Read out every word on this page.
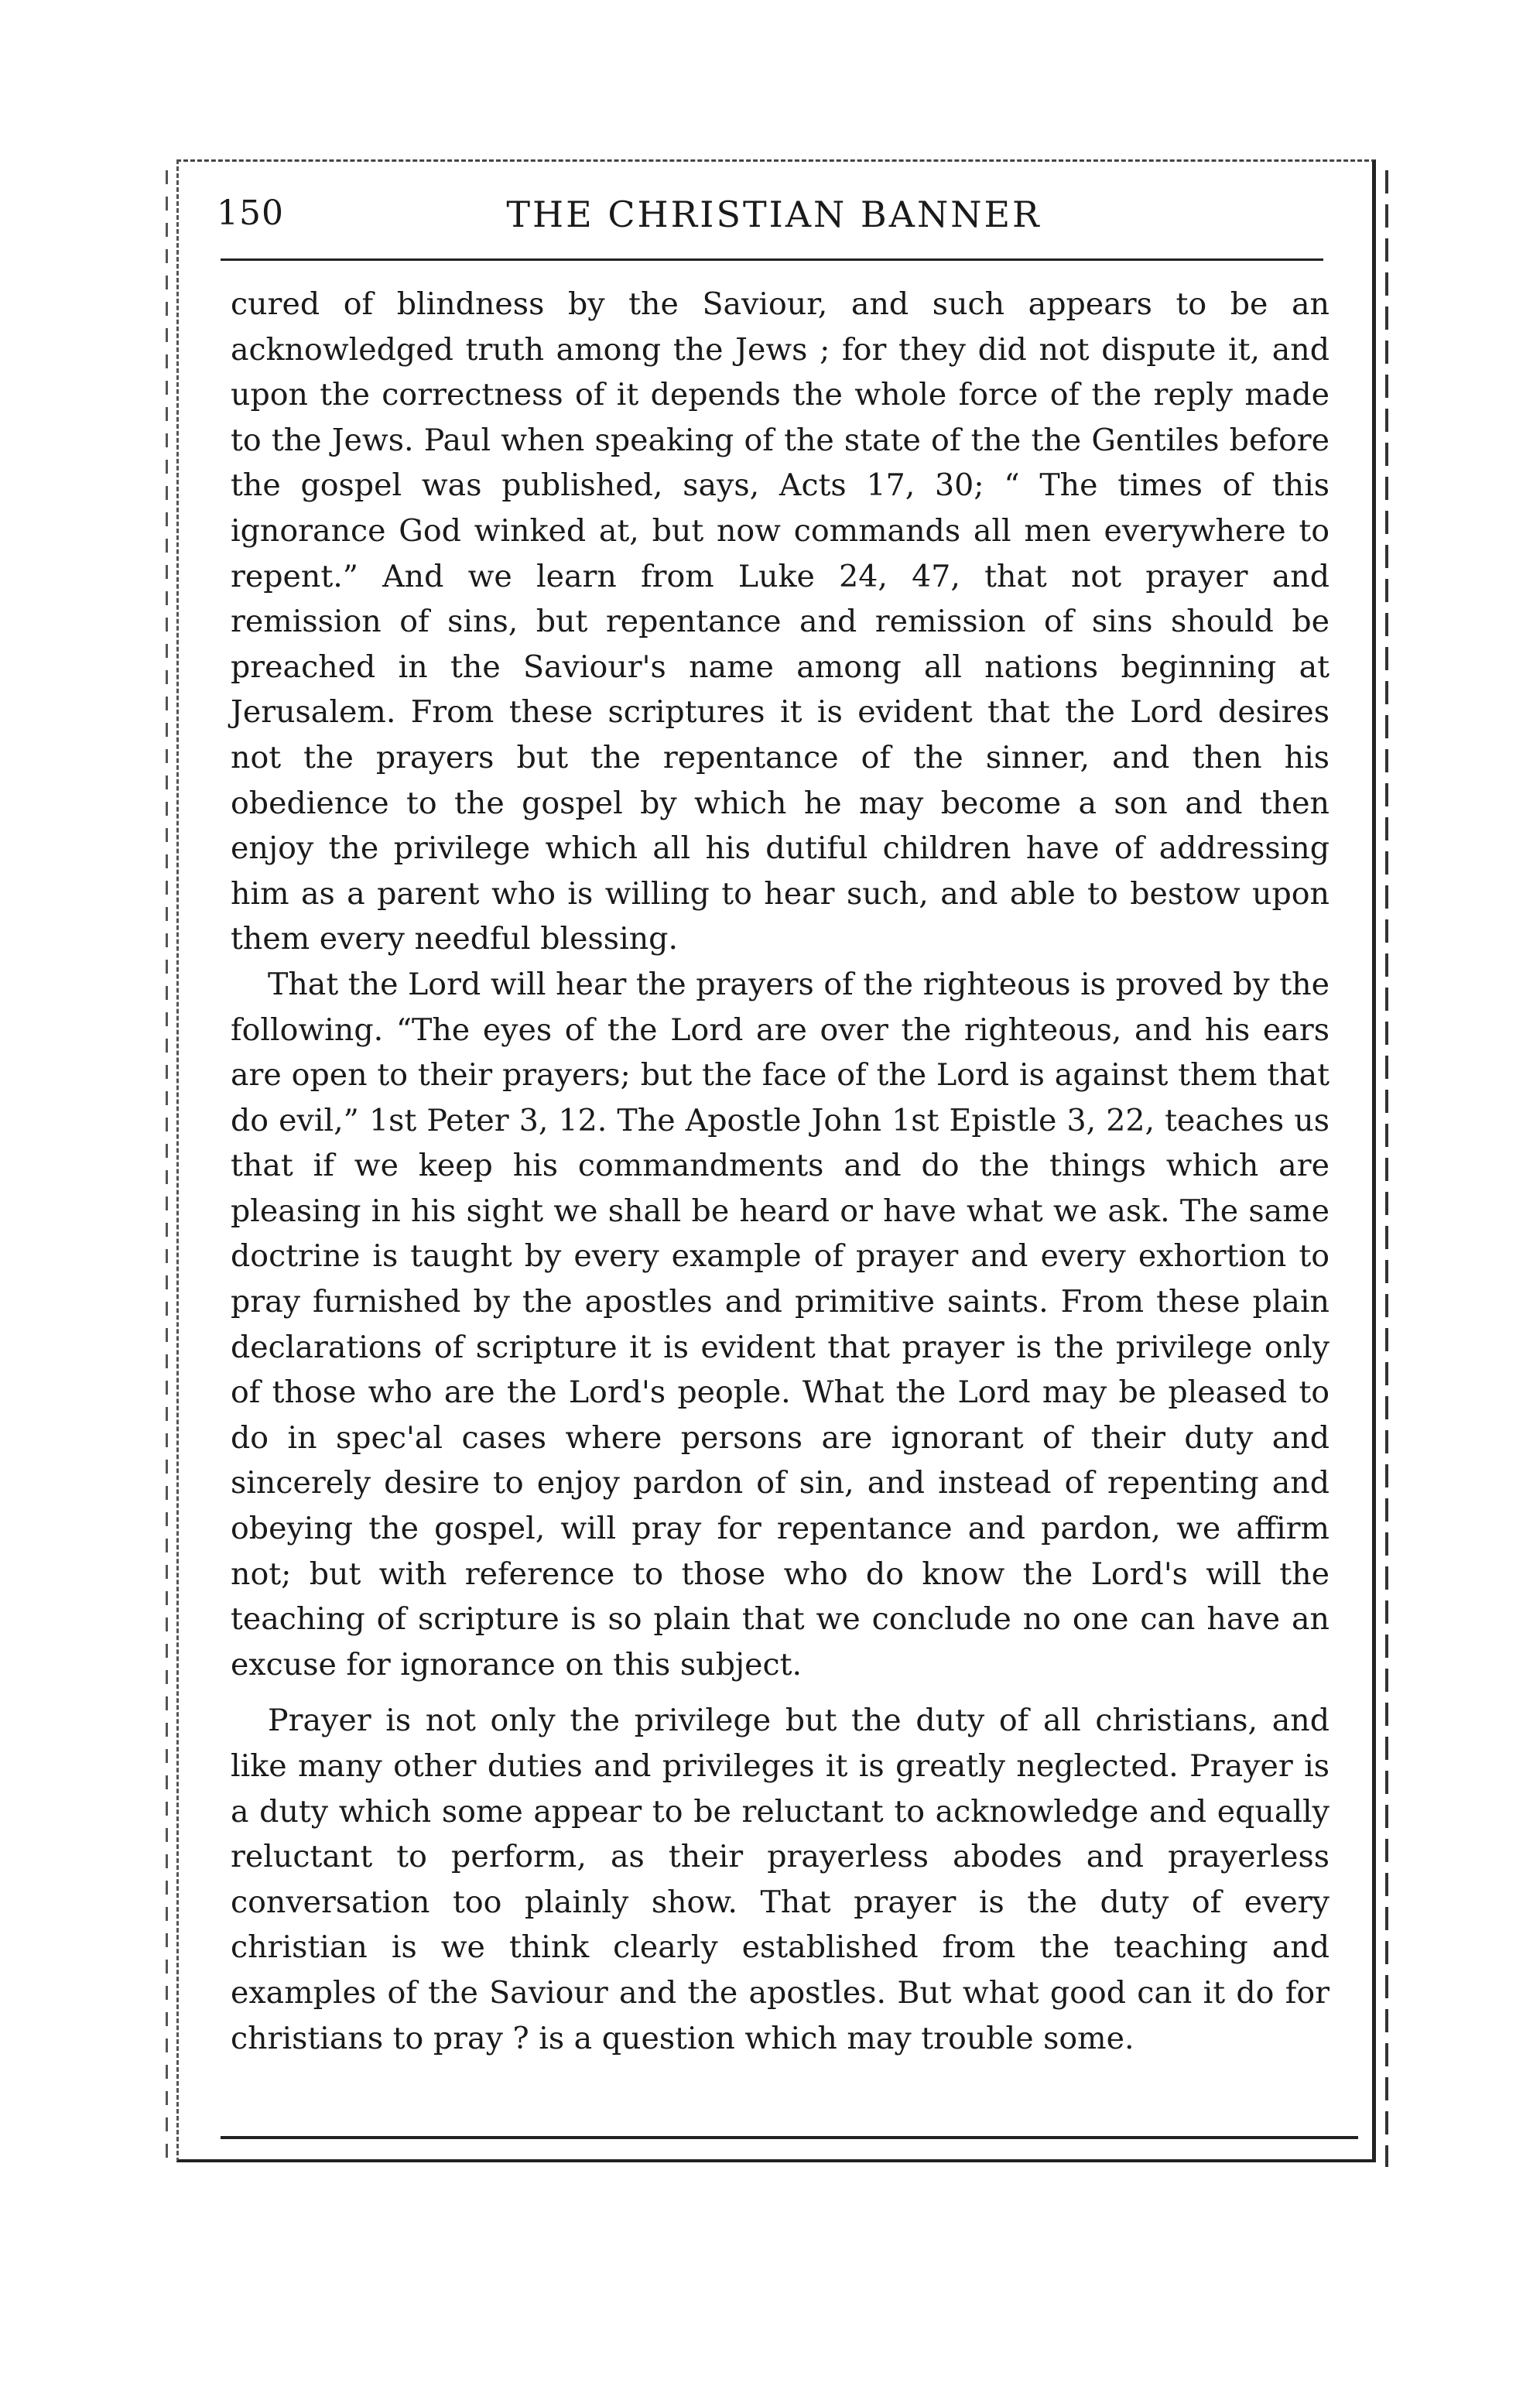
150	THE CHRISTIAN BANNER

cured of blindness by the Saviour, and such appears to be an acknowledged truth among the Jews ; for they did not dispute it, and upon the correctness of it depends the whole force of the reply made to the Jews. Paul when speaking of the state of the the Gentiles before the gospel was published, says, Acts 17, 30; “ The times of this ignorance God winked at, but now commands all men everywhere to repent.” And we learn from Luke 24, 47, that not prayer and remission of sins, but repentance and remission of sins should be preached in the Saviour's name among all nations beginning at Jerusalem. From these scriptures it is evident that the Lord desires not the prayers but the repentance of the sinner, and then his obedience to the gospel by which he may become a son and then enjoy the privilege which all his dutiful children have of addressing him as a parent who is willing to hear such, and able to bestow upon them every needful blessing.

That the Lord will hear the prayers of the righteous is proved by the following. “The eyes of the Lord are over the righteous, and his ears are open to their prayers; but the face of the Lord is against them that do evil,” 1st Peter 3, 12. The Apostle John 1st Epistle 3, 22, teaches us that if we keep his commandments and do the things which are pleasing in his sight we shall be heard or have what we ask. The same doctrine is taught by every example of prayer and every exhortion to pray furnished by the apostles and primitive saints. From these plain declarations of scripture it is evident that prayer is the privilege only of those who are the Lord's people. What the Lord may be pleased to do in spec'al cases where persons are ignorant of their duty and sincerely desire to enjoy pardon of sin, and instead of repenting and obeying the gospel, will pray for repentance and pardon, we affirm not; but with reference to those who do know the Lord's will the teaching of scripture is so plain that we conclude no one can have an excuse for ignorance on this subject.

Prayer is not only the privilege but the duty of all christians, and like many other duties and privileges it is greatly neglected. Prayer is a duty which some appear to be reluctant to acknowledge and equally reluctant to perform, as their prayerless abodes and prayerless conversation too plainly show. That prayer is the duty of every christian is we think clearly established from the teaching and examples of the Saviour and the apostles. But what good can it do for christians to pray ? is a question which may trouble some.
